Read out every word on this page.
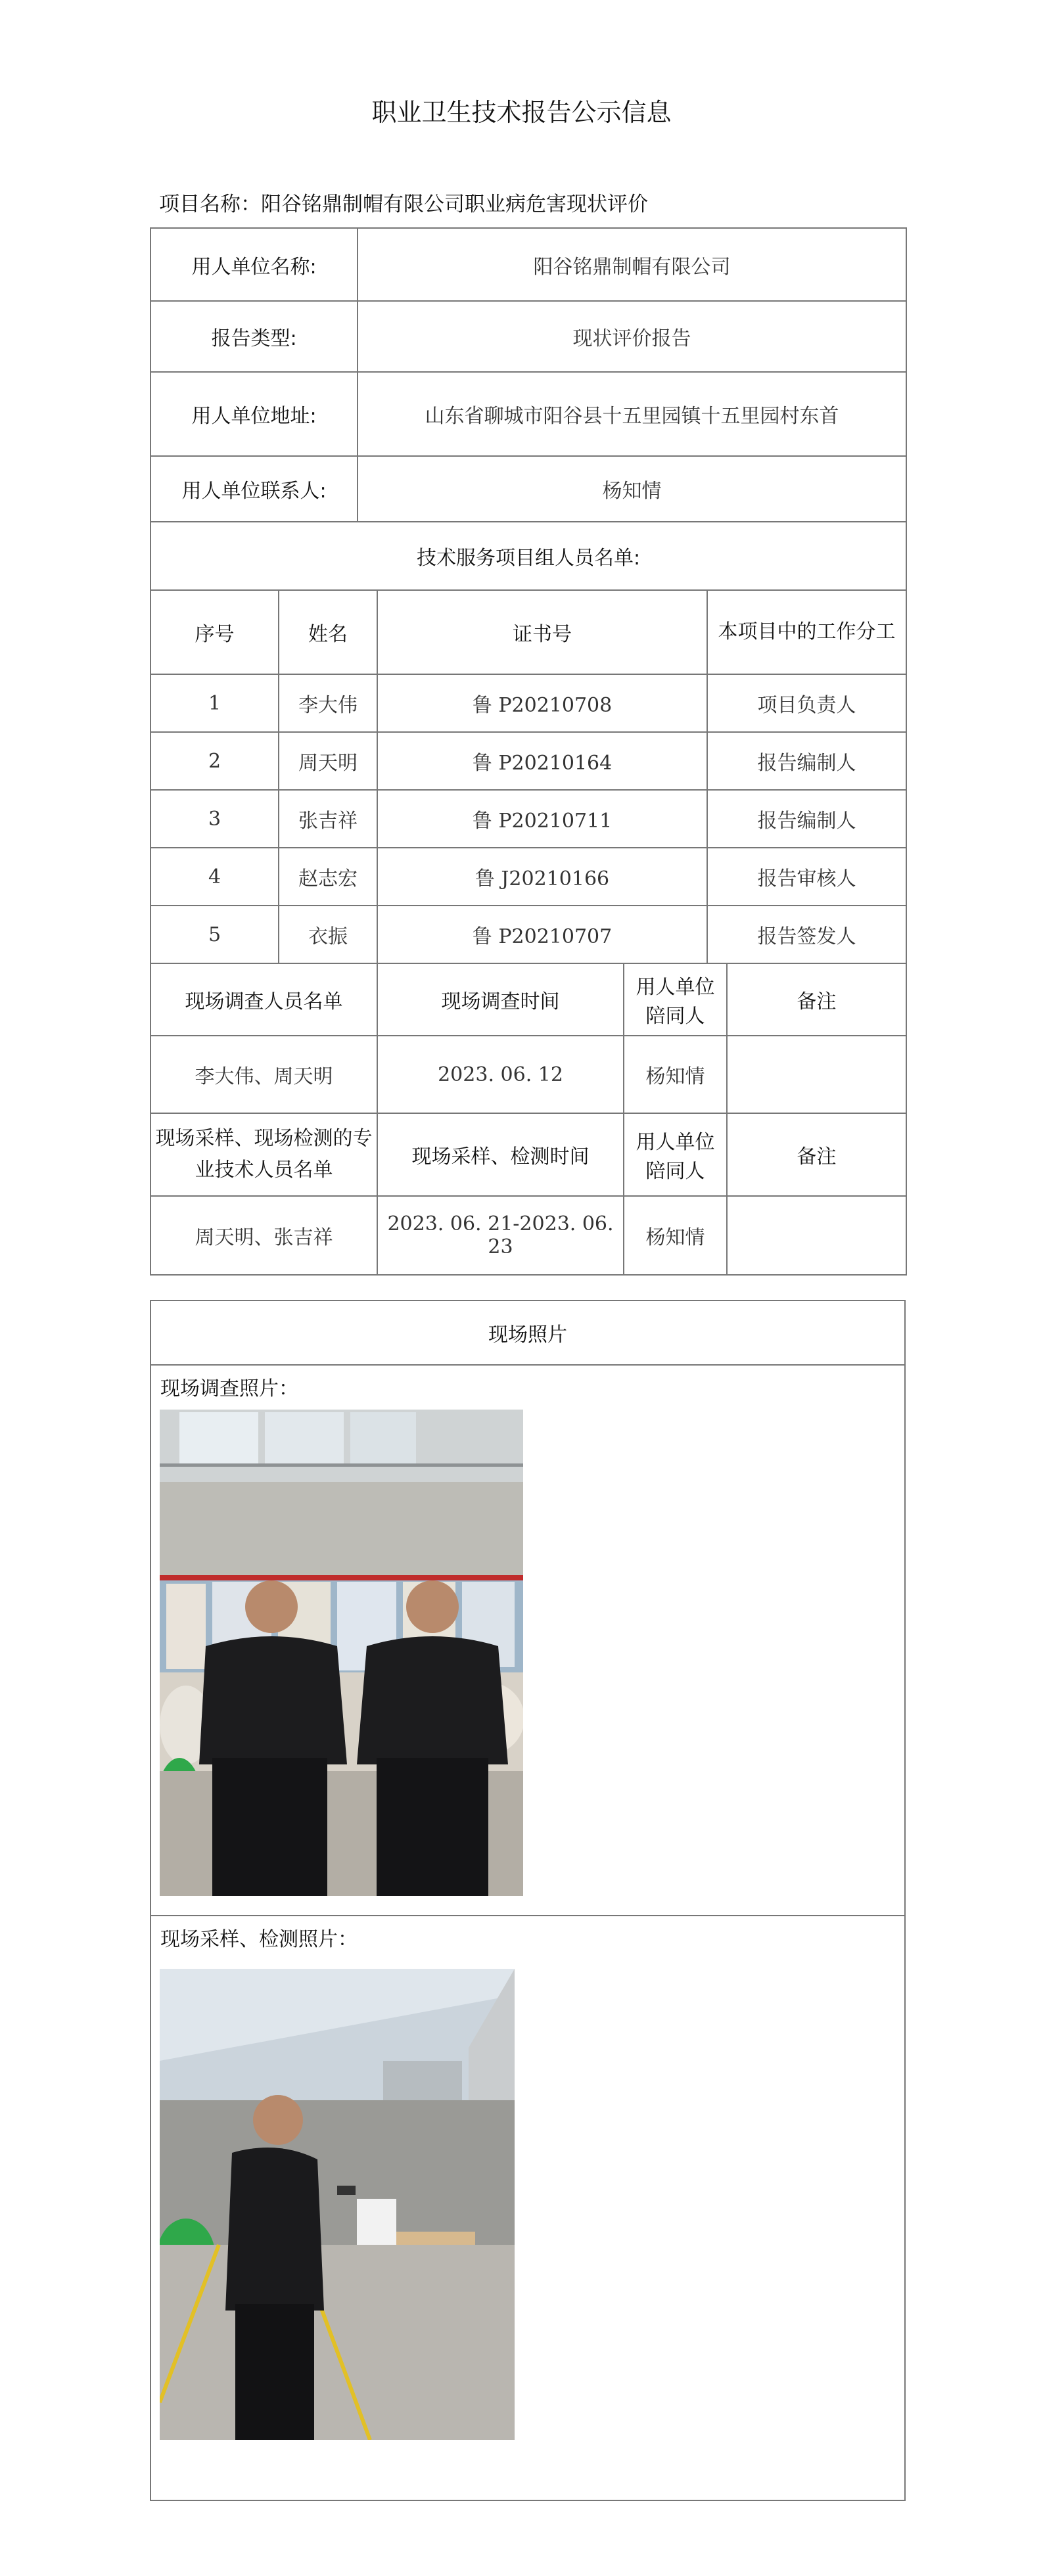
职业卫生技术报告公示信息
项目名称：阳谷铭鼎制帽有限公司职业病危害现状评价
用人单位名称:		阳谷铭鼎制帽有限公司				
报告类型:		现状评价报告				
用人单位地址:		山东省聊城市阳谷县十五里园镇十五里园村东首				
用人单位联系人:		杨知情				
技术服务项目组人员名单:						
序号	姓名		证书号		本项目中的工作分工	
1	李大伟		鲁 P20210708		项目负责人	
2	周天明		鲁 P20210164		报告编制人	
3	张吉祥		鲁 P20210711		报告编制人	
4	赵志宏		鲁 J20210166		报告审核人	
5	衣振		鲁 P20210707		报告签发人	
现场调查人员名单			现场调查时间	用人单位陪同人		备注
李大伟、周天明			2023. 06. 12	杨知情		
现场采样、现场检测的专业技术人员名单			现场采样、检测时间	用人单位陪同人		备注
周天明、张吉祥			2023. 06. 21-2023. 06. 23	杨知情		
现场照片

现场调查照片：

现场采样、检测照片：
